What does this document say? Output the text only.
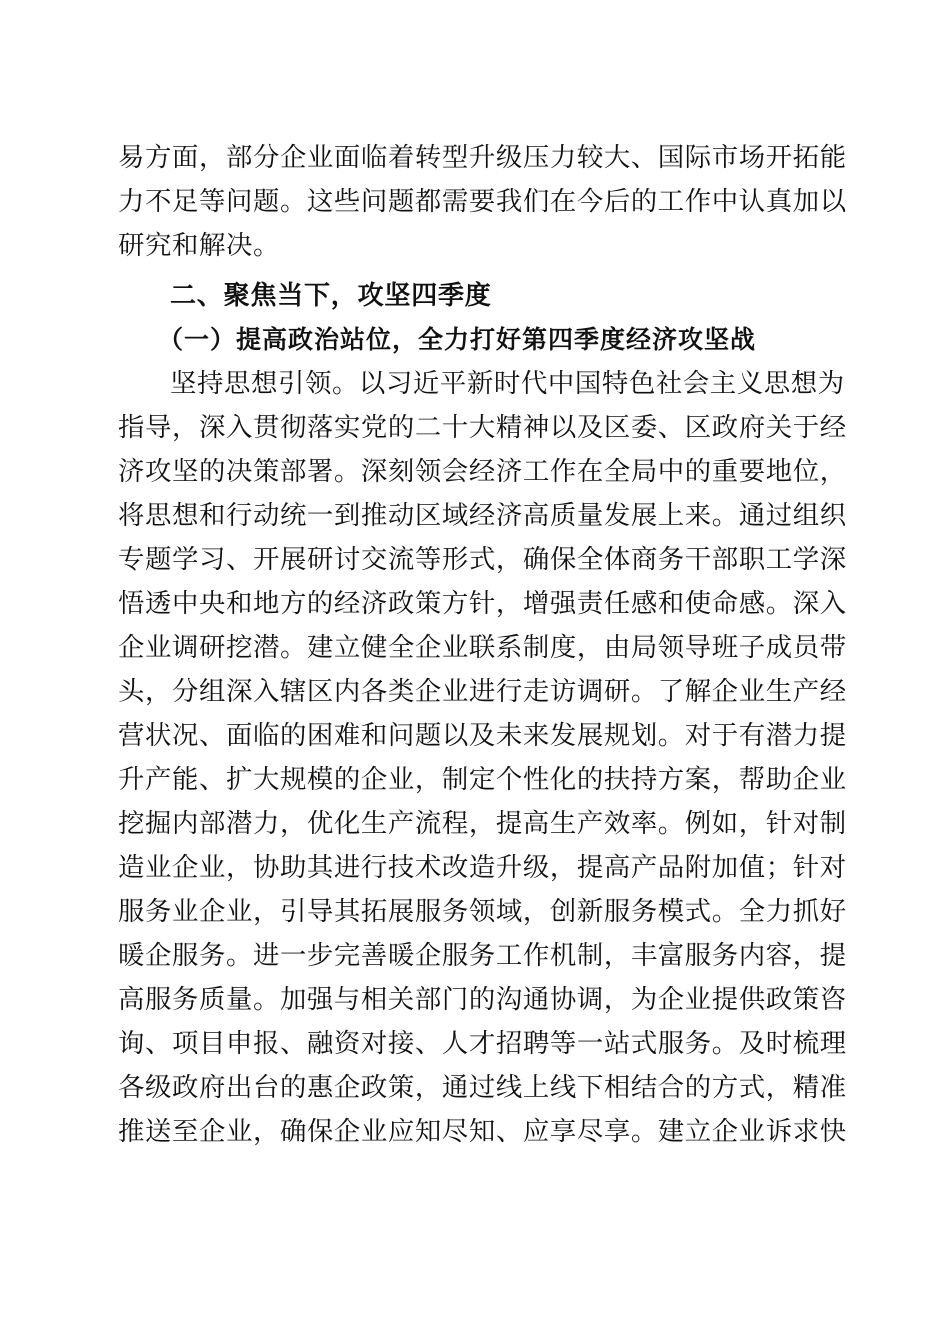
易方面，部分企业面临着转型升级压力较大、国际市场开拓能
力不足等问题。这些问题都需要我们在今后的工作中认真加以
研究和解决。
二、聚焦当下，攻坚四季度
（一）提高政治站位，全力打好第四季度经济攻坚战
坚持思想引领。以习近平新时代中国特色社会主义思想为
指导，深入贯彻落实党的二十大精神以及区委、区政府关于经
济攻坚的决策部署。深刻领会经济工作在全局中的重要地位，
将思想和行动统一到推动区域经济高质量发展上来。通过组织
专题学习、开展研讨交流等形式，确保全体商务干部职工学深
悟透中央和地方的经济政策方针，增强责任感和使命感。深入
企业调研挖潜。建立健全企业联系制度，由局领导班子成员带
头，分组深入辖区内各类企业进行走访调研。了解企业生产经
营状况、面临的困难和问题以及未来发展规划。对于有潜力提
升产能、扩大规模的企业，制定个性化的扶持方案，帮助企业
挖掘内部潜力，优化生产流程，提高生产效率。例如，针对制
造业企业，协助其进行技术改造升级，提高产品附加值；针对
服务业企业，引导其拓展服务领域，创新服务模式。全力抓好
暖企服务。进一步完善暖企服务工作机制，丰富服务内容，提
高服务质量。加强与相关部门的沟通协调，为企业提供政策咨
询、项目申报、融资对接、人才招聘等一站式服务。及时梳理
各级政府出台的惠企政策，通过线上线下相结合的方式，精准
推送至企业，确保企业应知尽知、应享尽享。建立企业诉求快
